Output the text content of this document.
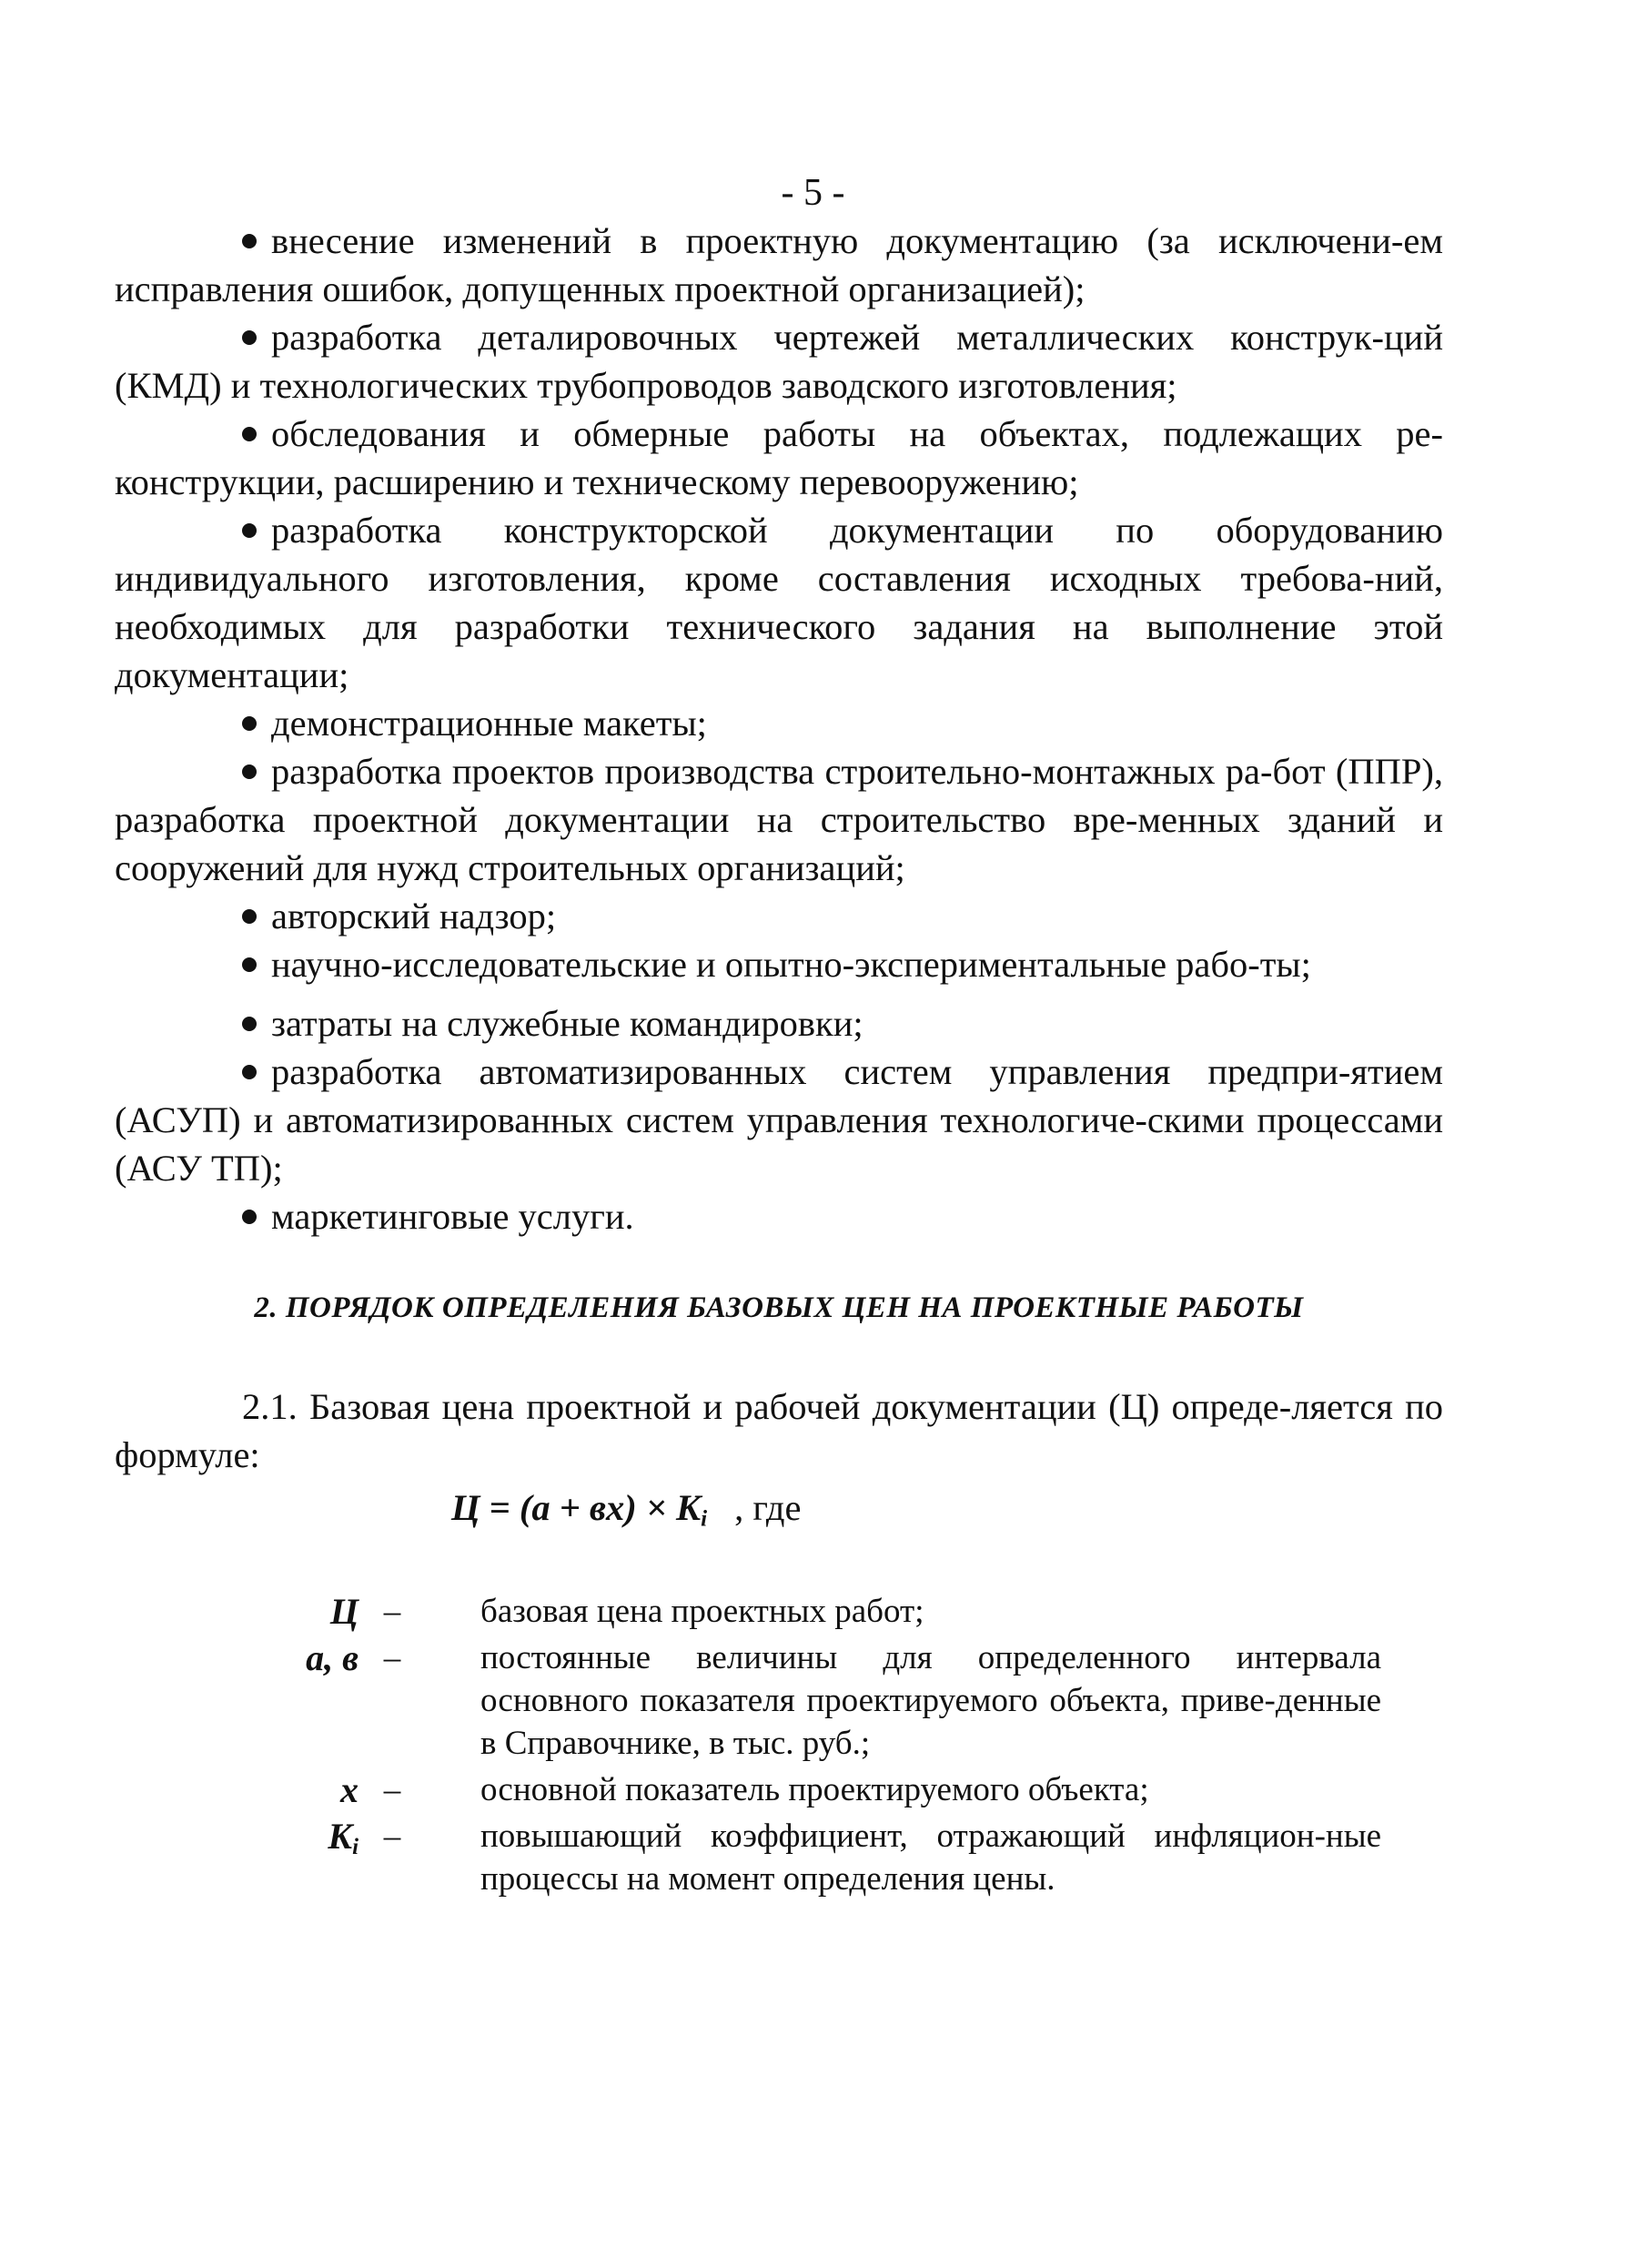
- 5 -

внесение изменений в проектную документацию (за исключени-ем исправления ошибок, допущенных проектной организацией);

разработка деталировочных чертежей металлических конструк-ций (КМД) и технологических трубопроводов заводского изготовления;

обследования и обмерные работы на объектах, подлежащих ре-конструкции, расширению и техническому перевооружению;

разработка конструкторской документации по оборудованию индивидуального изготовления, кроме составления исходных требова-ний, необходимых для разработки технического задания на выполнение этой документации;

демонстрационные макеты;

разработка проектов производства строительно-монтажных ра-бот (ППР), разработка проектной документации на строительство вре-менных зданий и сооружений для нужд строительных организаций;

авторский надзор;

научно-исследовательские и опытно-экспериментальные рабо-ты;

затраты на служебные командировки;

разработка автоматизированных систем управления предпри-ятием (АСУП) и автоматизированных систем управления технологиче-скими процессами (АСУ ТП);

маркетинговые услуги.

2. ПОРЯДОК ОПРЕДЕЛЕНИЯ БАЗОВЫХ ЦЕН НА ПРОЕКТНЫЕ РАБОТЫ

2.1. Базовая цена проектной и рабочей документации (Ц) опреде-ляется по формуле:

$Ц = (а + вх) \times K_i$ , где
Ц –	базовая цена проектных работ;
а, в –	постоянные величины для определенного интервала основного показателя проектируемого объекта, приве-денные в Справочнике, в тыс. руб.;
х –	основной показатель проектируемого объекта;
$K_i$ –	повышающий коэффициент, отражающий инфляцион-ные процессы на момент определения цены.
